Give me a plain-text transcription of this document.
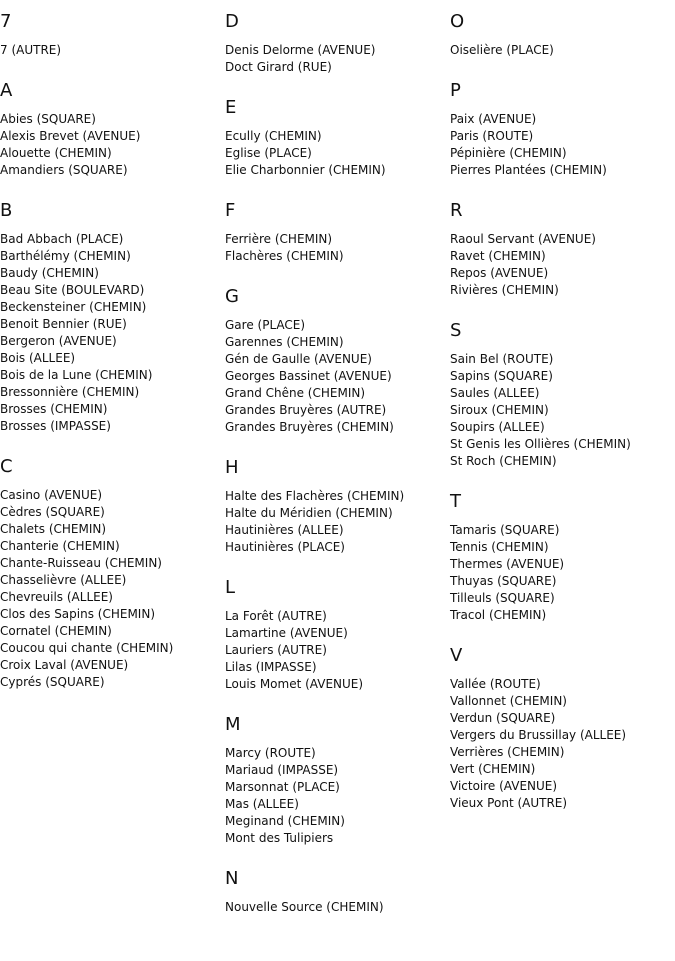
7
7 (AUTRE)
A
Abies (SQUARE)
Alexis Brevet (AVENUE)
Alouette (CHEMIN)
Amandiers (SQUARE)
B
Bad Abbach (PLACE)
Barthélémy (CHEMIN)
Baudy (CHEMIN)
Beau Site (BOULEVARD)
Beckensteiner (CHEMIN)
Benoit Bennier (RUE)
Bergeron (AVENUE)
Bois (ALLEE)
Bois de la Lune (CHEMIN)
Bressonnière (CHEMIN)
Brosses (CHEMIN)
Brosses (IMPASSE)
C
Casino (AVENUE)
Cèdres (SQUARE)
Chalets (CHEMIN)
Chanterie (CHEMIN)
Chante-Ruisseau (CHEMIN)
Chasselièvre (ALLEE)
Chevreuils (ALLEE)
Clos des Sapins (CHEMIN)
Cornatel (CHEMIN)
Coucou qui chante (CHEMIN)
Croix Laval (AVENUE)
Cyprés (SQUARE)
D
Denis Delorme (AVENUE)
Doct Girard (RUE)
E
Ecully (CHEMIN)
Eglise (PLACE)
Elie Charbonnier (CHEMIN)
F
Ferrière (CHEMIN)
Flachères (CHEMIN)
G
Gare (PLACE)
Garennes (CHEMIN)
Gén de Gaulle (AVENUE)
Georges Bassinet (AVENUE)
Grand Chêne (CHEMIN)
Grandes Bruyères (AUTRE)
Grandes Bruyères (CHEMIN)
H
Halte des Flachères (CHEMIN)
Halte du Méridien (CHEMIN)
Hautinières (ALLEE)
Hautinières (PLACE)
L
La Forêt (AUTRE)
Lamartine (AVENUE)
Lauriers (AUTRE)
Lilas (IMPASSE)
Louis Momet (AVENUE)
M
Marcy (ROUTE)
Mariaud (IMPASSE)
Marsonnat (PLACE)
Mas (ALLEE)
Meginand (CHEMIN)
Mont des Tulipiers
N
Nouvelle Source (CHEMIN)
O
Oiselière (PLACE)
P
Paix (AVENUE)
Paris (ROUTE)
Pépinière (CHEMIN)
Pierres Plantées (CHEMIN)
R
Raoul Servant (AVENUE)
Ravet (CHEMIN)
Repos (AVENUE)
Rivières (CHEMIN)
S
Sain Bel (ROUTE)
Sapins (SQUARE)
Saules (ALLEE)
Siroux (CHEMIN)
Soupirs (ALLEE)
St Genis les Ollières (CHEMIN)
St Roch (CHEMIN)
T
Tamaris (SQUARE)
Tennis (CHEMIN)
Thermes (AVENUE)
Thuyas (SQUARE)
Tilleuls (SQUARE)
Tracol (CHEMIN)
V
Vallée (ROUTE)
Vallonnet (CHEMIN)
Verdun (SQUARE)
Vergers du Brussillay (ALLEE)
Verrières (CHEMIN)
Vert (CHEMIN)
Victoire (AVENUE)
Vieux Pont (AUTRE)
